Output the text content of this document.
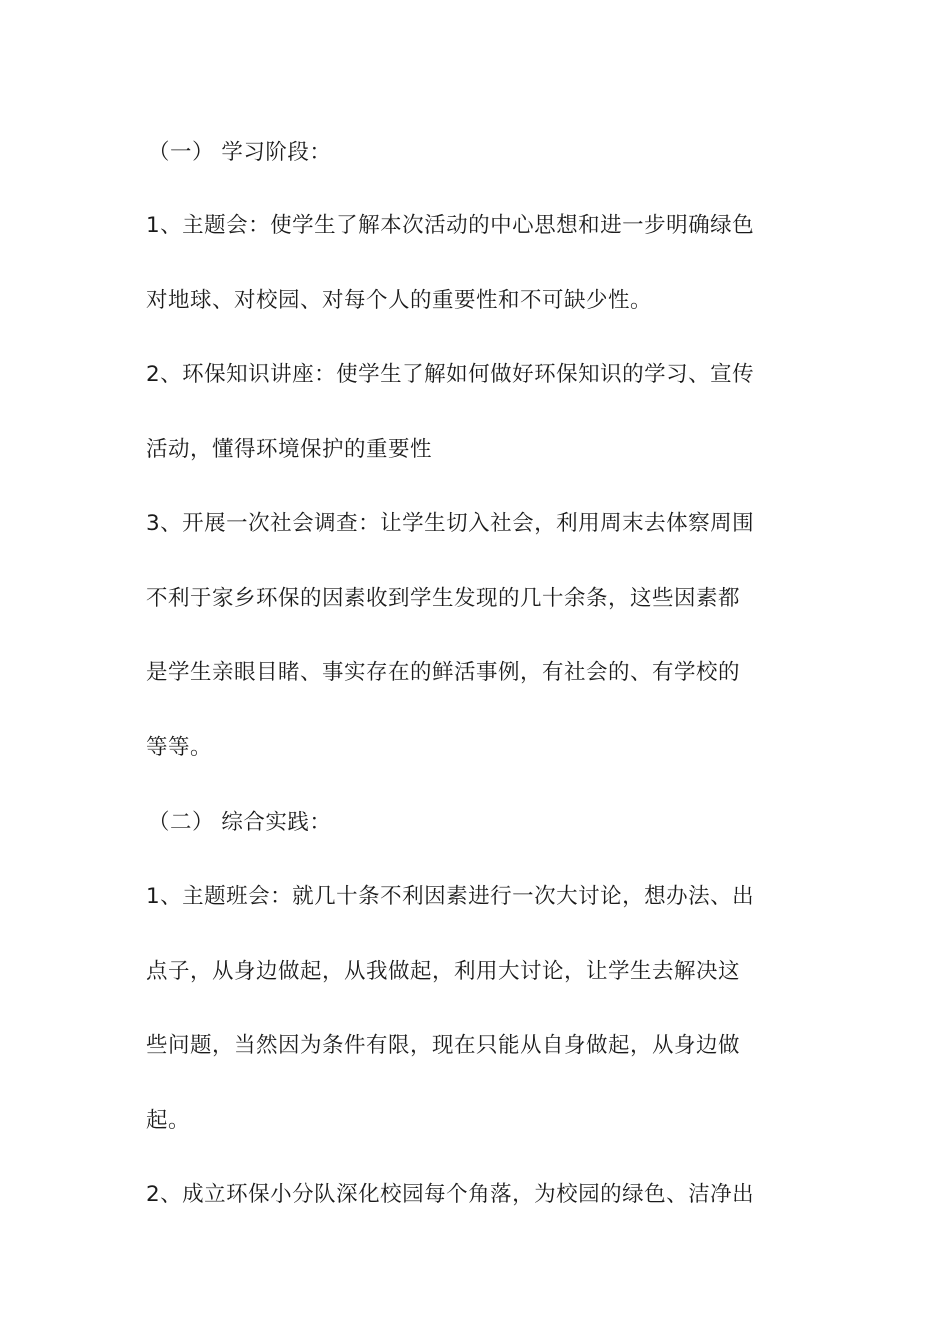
（一） 学习阶段：
1、主题会：使学生了解本次活动的中心思想和进一步明确绿色
对地球、对校园、对每个人的重要性和不可缺少性。
2、环保知识讲座：使学生了解如何做好环保知识的学习、宣传
活动，懂得环境保护的重要性
3、开展一次社会调查：让学生切入社会，利用周末去体察周围
不利于家乡环保的因素收到学生发现的几十余条，这些因素都
是学生亲眼目睹、事实存在的鲜活事例，有社会的、有学校的
等等。
（二） 综合实践：
1、主题班会：就几十条不利因素进行一次大讨论，想办法、出
点子，从身边做起，从我做起，利用大讨论，让学生去解决这
些问题，当然因为条件有限，现在只能从自身做起，从身边做
起。
2、成立环保小分队深化校园每个角落，为校园的绿色、洁净出
